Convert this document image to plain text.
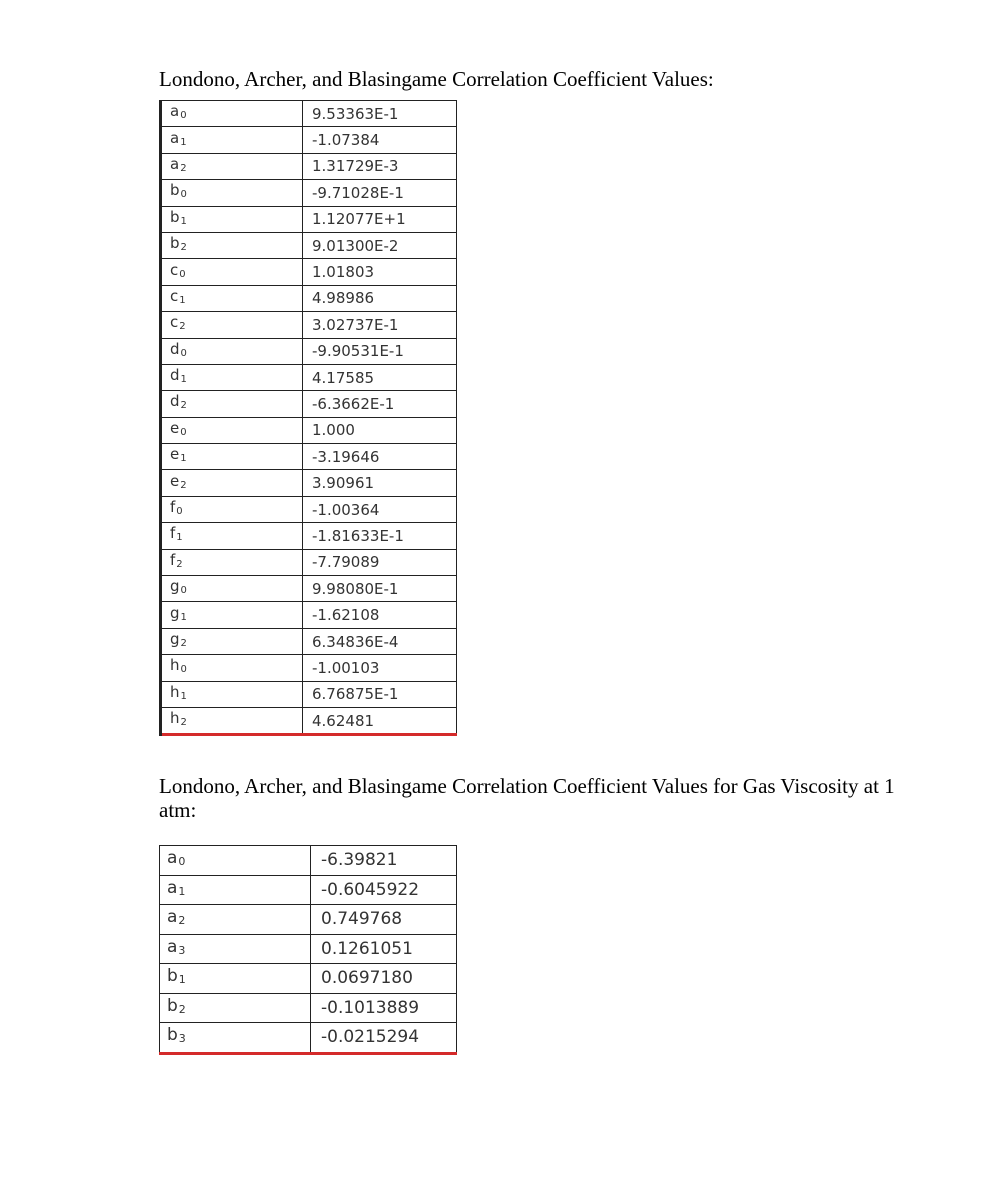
Londono, Archer, and Blasingame Correlation Coefficient Values:

$a_0$	9.53363E-1
$a_1$	-1.07384
$a_2$	1.31729E-3
$b_0$	-9.71028E-1
$b_1$	1.12077E+1
$b_2$	9.01300E-2
$c_0$	1.01803
$c_1$	4.98986
$c_2$	3.02737E-1
$d_0$	-9.90531E-1
$d_1$	4.17585
$d_2$	-6.3662E-1
$e_0$	1.000
$e_1$	-3.19646
$e_2$	3.90961
$f_0$	-1.00364
$f_1$	-1.81633E-1
$f_2$	-7.79089
$g_0$	9.98080E-1
$g_1$	-1.62108
$g_2$	6.34836E-4
$h_0$	-1.00103
$h_1$	6.76875E-1
$h_2$	4.62481

Londono, Archer, and Blasingame Correlation Coefficient Values for Gas Viscosity at 1 atm:

$a_0$	-6.39821
$a_1$	-0.6045922
$a_2$	0.749768
$a_3$	0.1261051
$b_1$	0.0697180
$b_2$	-0.1013889
$b_3$	-0.0215294
